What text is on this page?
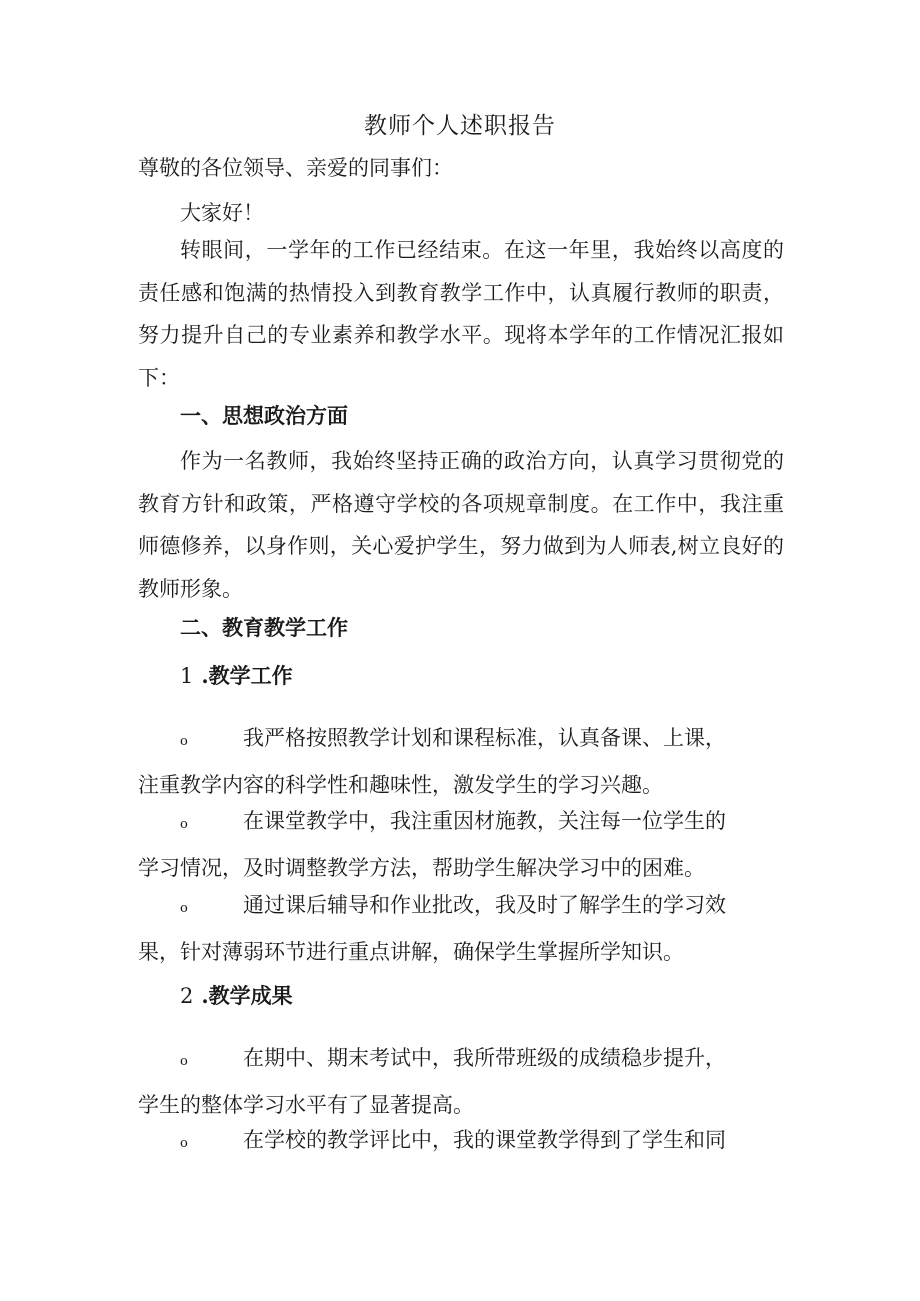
教师个人述职报告
尊敬的各位领导、亲爱的同事们：

大家好！

转眼间，一学年的工作已经结束。在这一年里，我始终以高度的责任感和饱满的热情投入到教育教学工作中，认真履行教师的职责，努力提升自己的专业素养和教学水平。现将本学年的工作情况汇报如下：

一、思想政治方面

作为一名教师，我始终坚持正确的政治方向，认真学习贯彻党的教育方针和政策，严格遵守学校的各项规章制度。在工作中，我注重师德修养，以身作则，关心爱护学生，努力做到为人师表,树立良好的教师形象。

二、教育教学工作

1 .教学工作

o	我严格按照教学计划和课程标准，认真备课、上课，
注重教学内容的科学性和趣味性，激发学生的学习兴趣。
o	在课堂教学中，我注重因材施教，关注每一位学生的
学习情况，及时调整教学方法，帮助学生解决学习中的困难。
o	通过课后辅导和作业批改，我及时了解学生的学习效
果，针对薄弱环节进行重点讲解，确保学生掌握所学知识。

2 .教学成果

o	在期中、期末考试中，我所带班级的成绩稳步提升，
学生的整体学习水平有了显著提高。
o	在学校的教学评比中，我的课堂教学得到了学生和同
